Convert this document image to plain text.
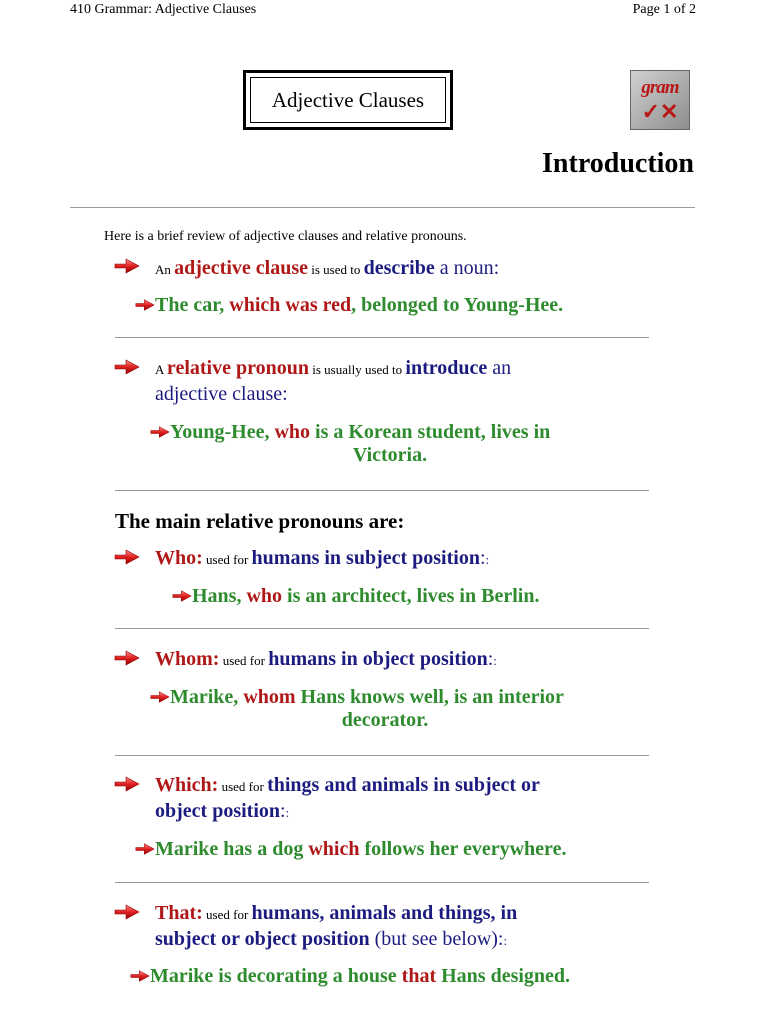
410 Grammar: Adjective Clauses	Page 1 of 2
Adjective Clauses	gram
✓✕
Introduction
Here is a brief review of adjective clauses and relative pronouns.
An adjective clause is used to describe a noun:
The car, which was red, belonged to Young-Hee.
A relative pronoun is usually used to introduce an
adjective clause:
Young-Hee, who is a Korean student, lives in
Victoria.
The main relative pronouns are:
Who: used for humans in subject position::
Hans, who is an architect, lives in Berlin.
Whom: used for humans in object position::
Marike, whom Hans knows well, is an interior
decorator.
Which: used for things and animals in subject or
object position::
Marike has a dog which follows her everywhere.
That: used for humans, animals and things, in
subject or object position (but see below)::
Marike is decorating a house that Hans designed.
